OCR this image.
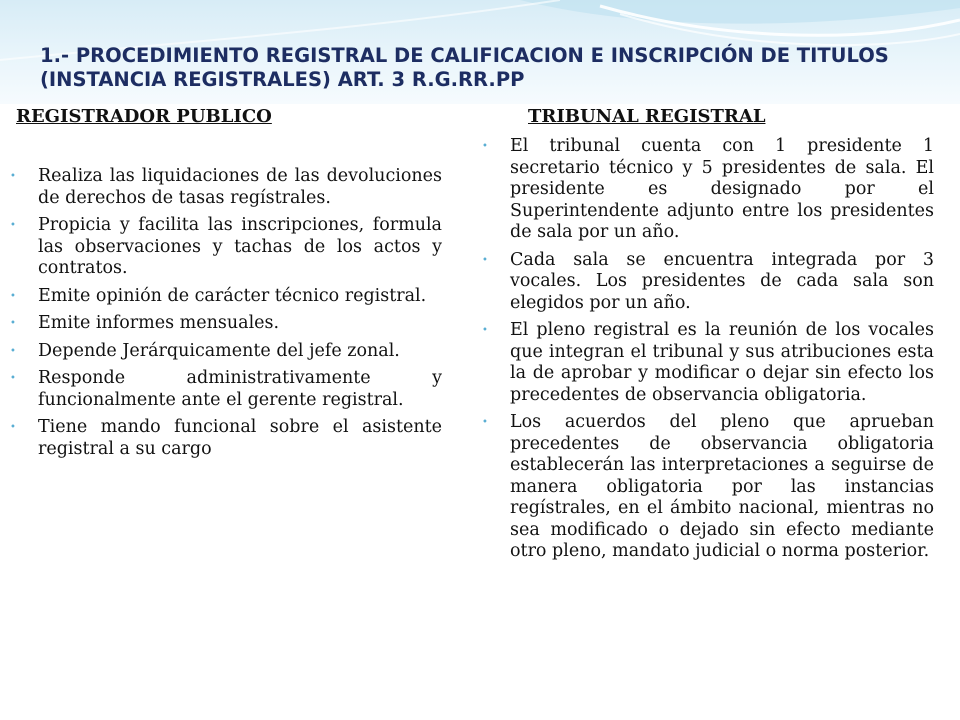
1.- PROCEDIMIENTO REGISTRAL DE CALIFICACION E INSCRIPCIÓN DE TITULOS (INSTANCIA REGISTRALES) ART. 3 R.G.RR.PP
REGISTRADOR PUBLICO
• Realiza las liquidaciones de las devoluciones de derechos de tasas regístrales.
• Propicia y facilita las inscripciones, formula las observaciones y tachas de los actos y contratos.
• Emite opinión de carácter técnico registral.
• Emite informes mensuales.
• Depende Jerárquicamente del jefe zonal.
• Responde administrativamente y funcionalmente ante el gerente registral.
• Tiene mando funcional sobre el asistente registral a su cargo
TRIBUNAL REGISTRAL
• El tribunal cuenta con 1 presidente 1 secretario técnico y 5 presidentes de sala. El presidente es designado por el Superintendente adjunto entre los presidentes de sala por un año.
• Cada sala se encuentra integrada por 3 vocales. Los presidentes de cada sala son elegidos por un año.
• El pleno registral es la reunión de los vocales que integran el tribunal y sus atribuciones esta la de aprobar y modificar o dejar sin efecto los precedentes de observancia obligatoria.
• Los acuerdos del pleno que aprueban precedentes de observancia obligatoria establecerán las interpretaciones a seguirse de manera obligatoria por las instancias regístrales, en el ámbito nacional, mientras no sea modificado o dejado sin efecto mediante otro pleno, mandato judicial o norma posterior.
